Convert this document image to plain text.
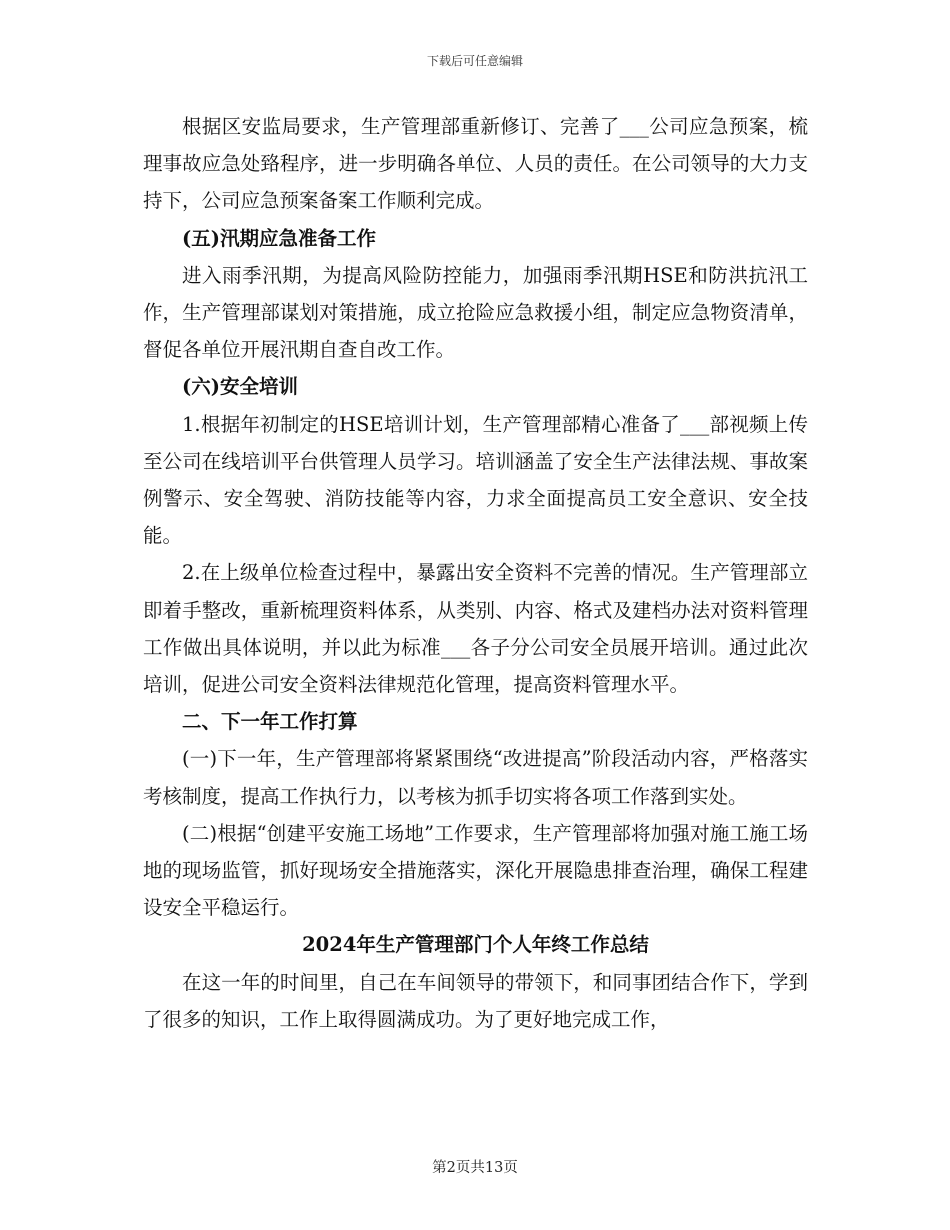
下载后可任意编辑

根据区安监局要求，生产管理部重新修订、完善了___公司应急预案，梳理事故应急处臵程序，进一步明确各单位、人员的责任。在公司领导的大力支持下，公司应急预案备案工作顺利完成。

(五)汛期应急准备工作

进入雨季汛期，为提高风险防控能力，加强雨季汛期HSE和防洪抗汛工作，生产管理部谋划对策措施，成立抢险应急救援小组，制定应急物资清单，督促各单位开展汛期自查自改工作。

(六)安全培训

1.根据年初制定的HSE培训计划，生产管理部精心准备了___部视频上传至公司在线培训平台供管理人员学习。培训涵盖了安全生产法律法规、事故案例警示、安全驾驶、消防技能等内容，力求全面提高员工安全意识、安全技能。

2.在上级单位检查过程中，暴露出安全资料不完善的情况。生产管理部立即着手整改，重新梳理资料体系，从类别、内容、格式及建档办法对资料管理工作做出具体说明，并以此为标准___各子分公司安全员展开培训。通过此次培训，促进公司安全资料法律规范化管理，提高资料管理水平。

二、下一年工作打算

(一)下一年，生产管理部将紧紧围绕“改进提高”阶段活动内容，严格落实考核制度，提高工作执行力，以考核为抓手切实将各项工作落到实处。

(二)根据“创建平安施工场地”工作要求，生产管理部将加强对施工施工场地的现场监管，抓好现场安全措施落实，深化开展隐患排查治理，确保工程建设安全平稳运行。

2024年生产管理部门个人年终工作总结

在这一年的时间里，自己在车间领导的带领下，和同事团结合作下，学到了很多的知识，工作上取得圆满成功。为了更好地完成工作，

第2页共13页
